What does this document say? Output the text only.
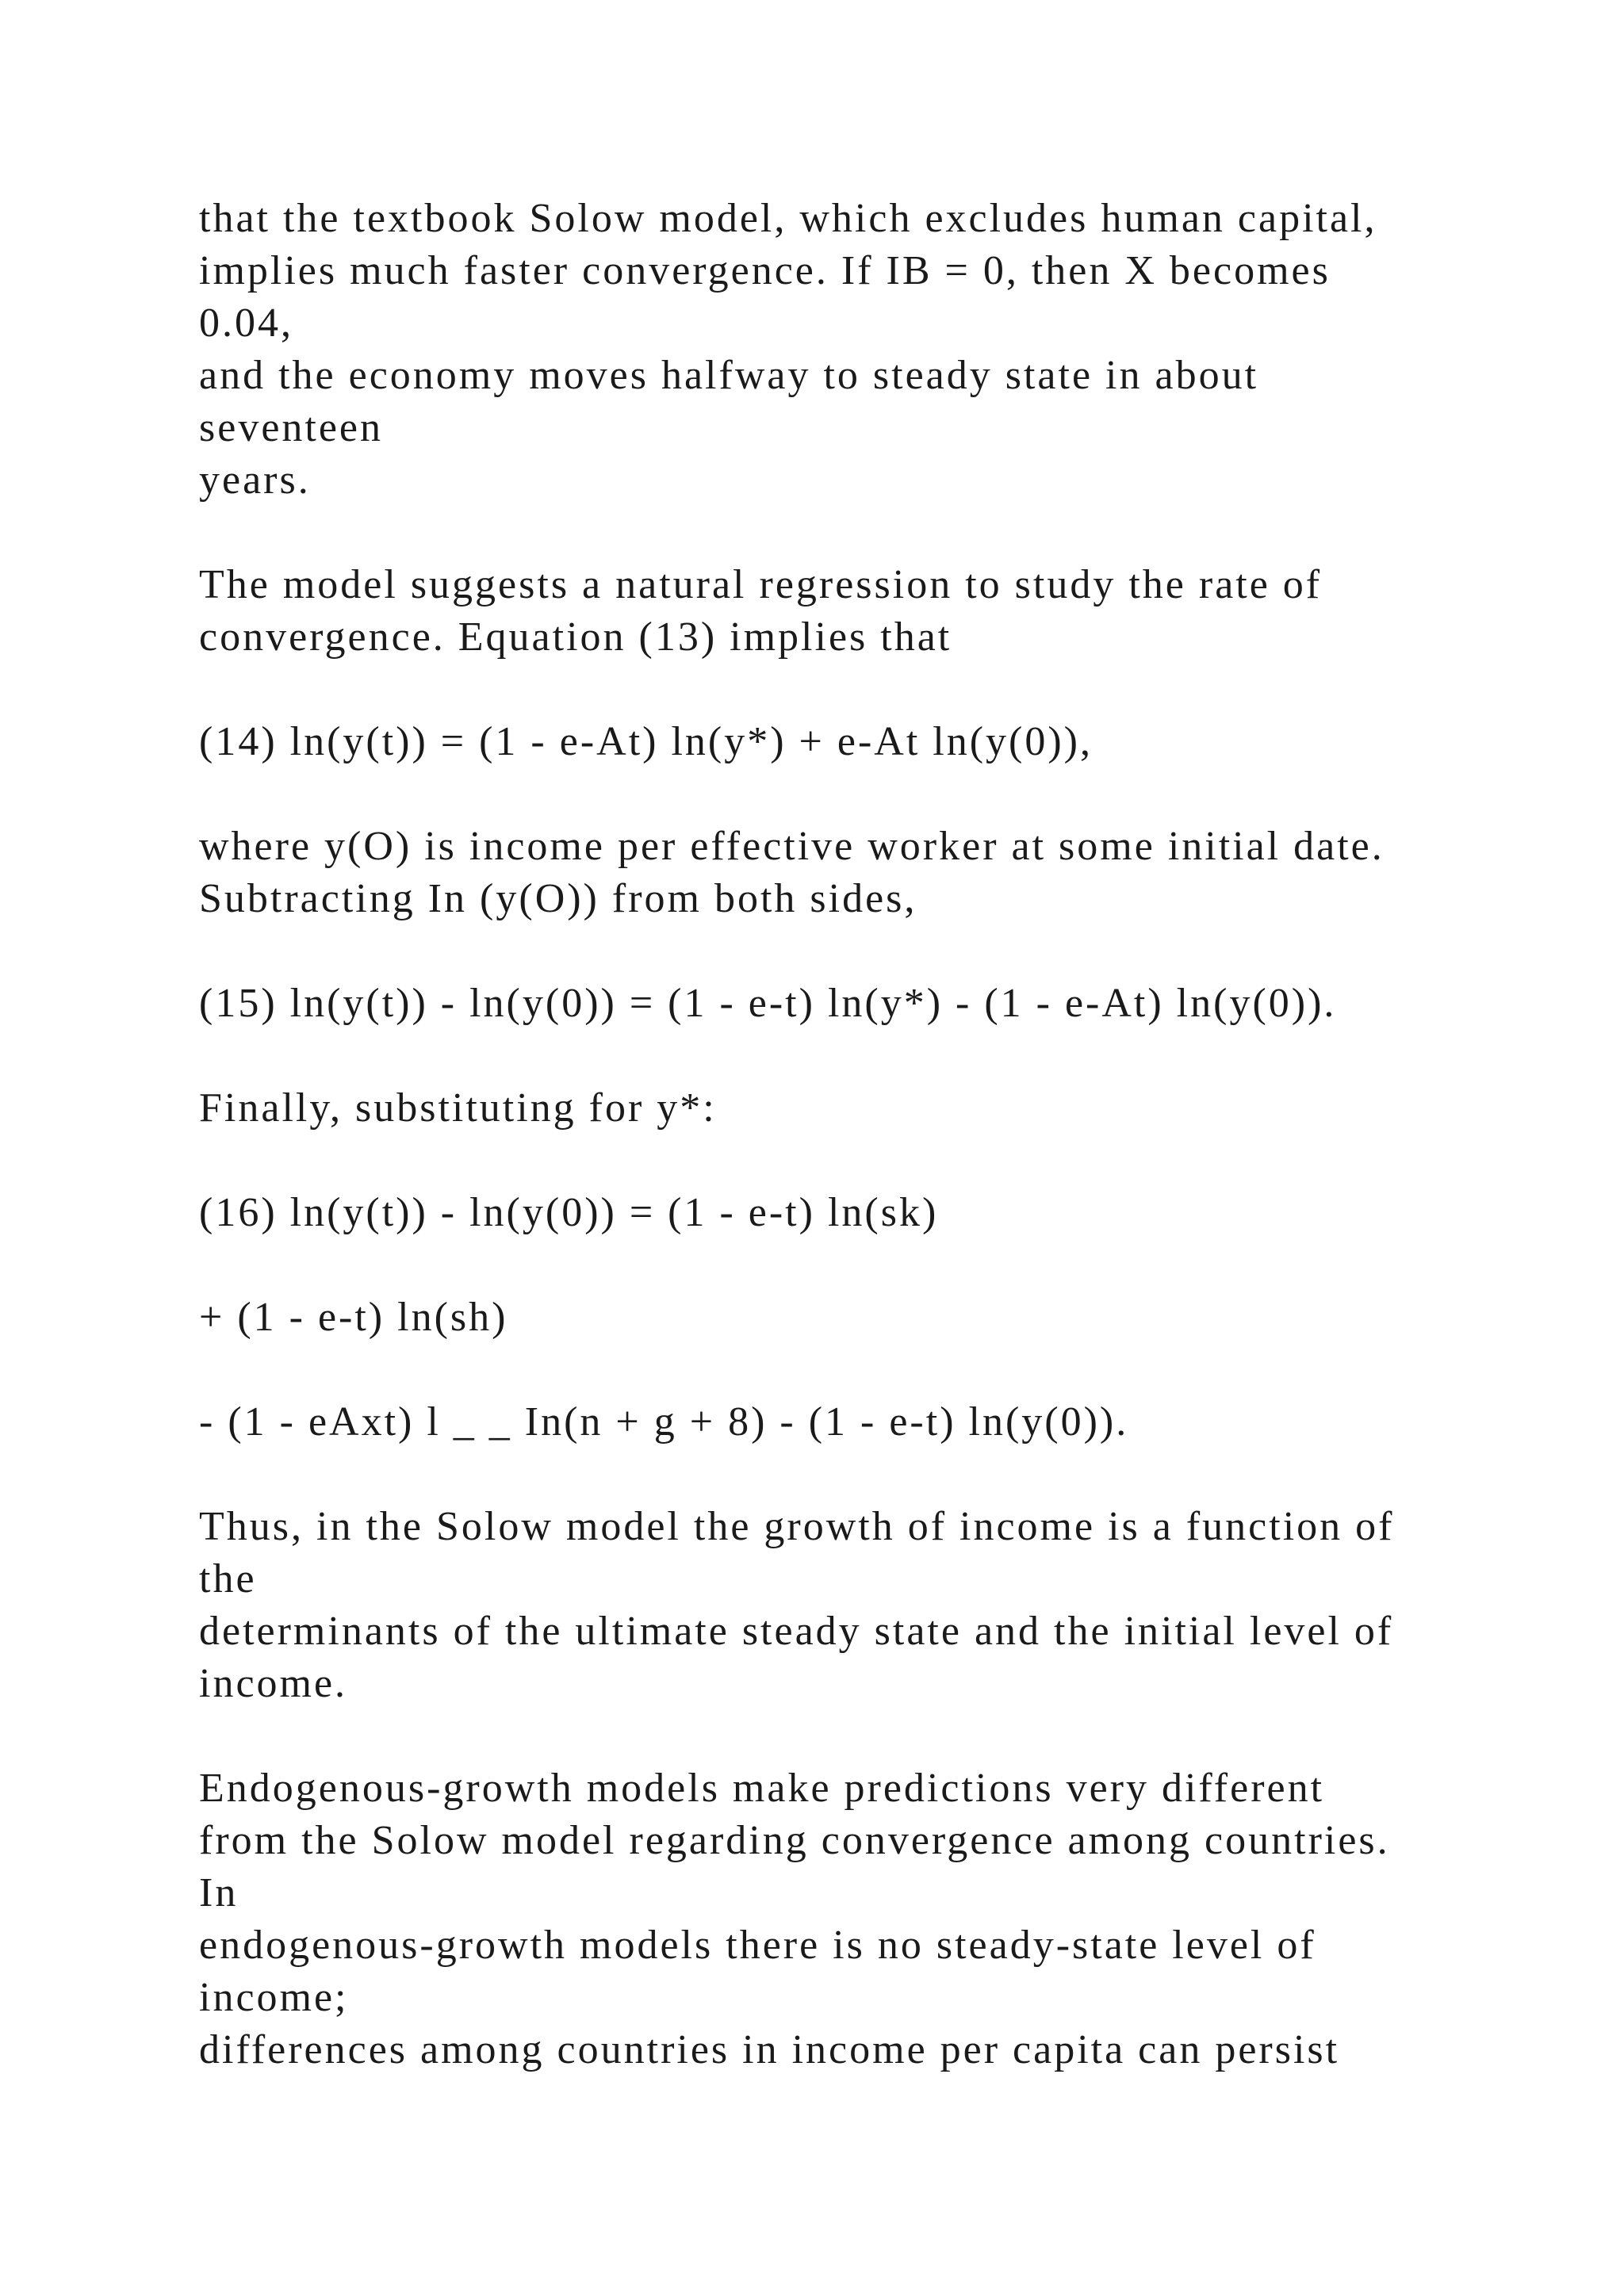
that the textbook Solow model, which excludes human capital,
implies much faster convergence. If IB = 0, then X becomes
0.04,
and the economy moves halfway to steady state in about
seventeen
years.
The model suggests a natural regression to study the rate of
convergence. Equation (13) implies that
(14) ln(y(t)) = (1 - e-At) ln(y*) + e-At ln(y(0)),
where y(O) is income per effective worker at some initial date.
Subtracting In (y(O)) from both sides,
(15) ln(y(t)) - ln(y(0)) = (1 - e-t) ln(y*) - (1 - e-At) ln(y(0)).
Finally, substituting for y*:
(16) ln(y(t)) - ln(y(0)) = (1 - e-t) ln(sk)
+ (1 - e-t) ln(sh)
- (1 - eAxt) l _ _ In(n + g + 8) - (1 - e-t) ln(y(0)).
Thus, in the Solow model the growth of income is a function of
the
determinants of the ultimate steady state and the initial level of
income.
Endogenous-growth models make predictions very different
from the Solow model regarding convergence among countries.
In
endogenous-growth models there is no steady-state level of
income;
differences among countries in income per capita can persist
